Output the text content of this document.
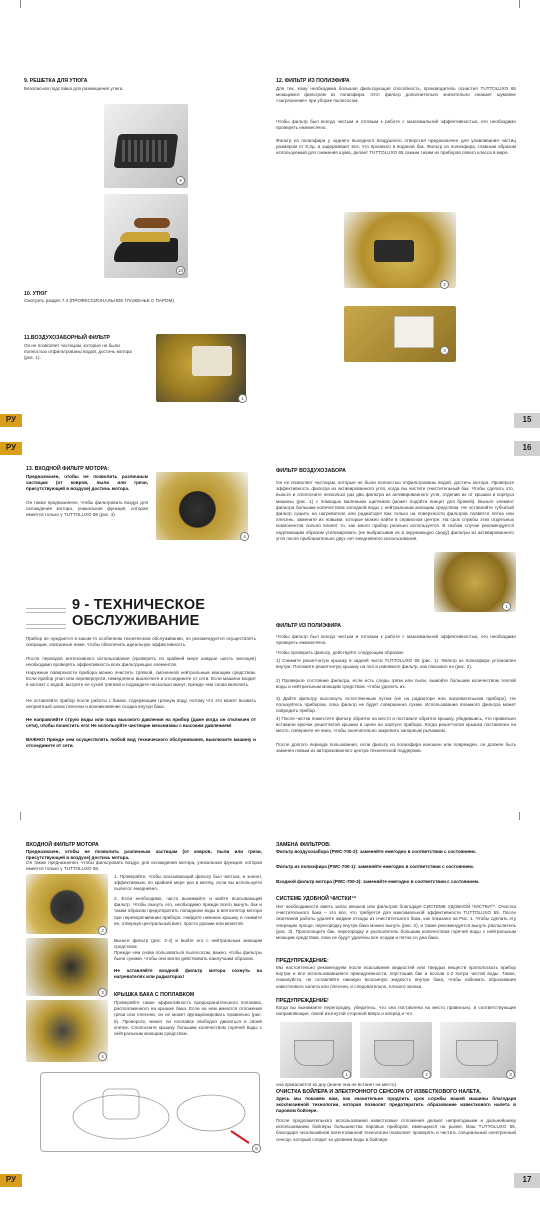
9. РЕШЕТКА ДЛЯ УТЮГА

Безопасная подставка для размещения утюга.

9
10
10. УТЮГ

Смотреть раздел 7.4 (ПРОФЕССИОНАЛЬНОЕ ГЛАЖЕНЬЕ С ПАРОМ)

11.ВОЗДУХОЗАБОРНЫЙ ФИЛЬТР

Он не позволяет частицам, которые не были полностью отфильтрованы водой, достичь мотора (рис. 1).

1
12. ФИЛЬТР ИЗ ПОЛИЭФИРА

Для тех, кому необходима большая фильтрующая способность, производитель оснастил TUTTOLUXO 65 моющимся фильтром из полиэфира. Этот фильтр дополнительно значительно снижает шумовое «загрязнение» при уборке пылесосом.

Чтобы фильтр был всегда чистым и готовым к работе с максимальной эффективностью, его необходимо проверять ежемесячно.

Фильтр из полиэфира у заднего выходного воздушного отверстия предназначен для улавливания частиц размером от 0,3μ, и задерживает все, что проникло в водяной бак. Фильтр из полиэфира, главным образом используемый для снижения шума, делает TUTTOLUXO 65 самым тихим из приборов своего класса в мире.

2
3
РУ	15
РУ	16
13. ВХОДНОЙ ФИЛЬТР МОТОРА:

Предназначен, чтобы не позволить различным частицам (от ковров, пыли или грязи, присутствующей в воздухе) достичь мотора.

Он также предназначен, чтобы фильтровать воздух для охлаждения мотора, уникальная функция, которая имеется только у TUTTOLUXO 65 (рис. 3).

4
9 - ТЕХНИЧЕСКОЕ
ОБСЛУЖИВАНИЕ

Прибор не нуждается в каком-то особенном техническом обслуживании, но рекомендуется осуществлять операции, описанные ниже, чтобы обеспечить идеальную эффективность.

После периодов интенсивного использования (проверять по крайней мере каждые шесть месяцев) необходимо проверять эффективность всех фильтрующих элементов.

Наружные поверхности прибора можно очистить тряпкой, смоченной нейтральным моющим средством. Если прибор упал или перевернулся, немедленно выключите и отсоедините от сети. Если машина входит в контакт с водой, вытрите ее сухой тряпкой и подождите несколько минут, прежде чем снова включить.

Не оставляйте прибор после работы с баком, содержащим грязную воду, потому что это может вызвать неприятный запах плесени и возникновение осадка внутри бака.

Не направляйте струю воды или пара высокого давления на прибор (даже когда он отключен от сети), чтобы почистить его! Не используйте чистящие механизмы с высоким давлением!

ВАЖНО! Прежде чем осуществлять любой вид технического обслуживания, выключите машину и отсоедините от сети.

ФИЛЬТР ВОЗДУХОЗАБОРА

Он не позволяет частицам, которые не были полностью отфильтрованы водой, достичь мотора. Проверьте эффективность фильтра из активированного угля, когда вы чистите очистительный бак. Чтобы сделать это, выньте и сполосните несколько раз два фильтра из активированного угля, отделив их от крышки и корпуса машины (рис. 1) с помощью маленьких щипчиков (может подойти пинцет для бровей). Выньте элемент фильтра большим количеством холодной воды с нейтральным моющим средством. Не оставляйте губчатый фильтр сушить на нагревателе или радиаторе! Как только на поверхности фильтров появятся пятна или плесень, замените их новыми, которые можно найти в сервисном центре. На срок службы этих отдельных компонентов сильно влияет то, как много прибор реально используется. В любом случае рекомендуется надлежащим образом утилизировать (не выбрасывая их в окружающую среду) фильтры из активированного угля после приблизительно двух лет ежедневного использования.

1
ФИЛЬТР ИЗ ПОЛИЭФИРА

Чтобы фильтр был всегда чистым и готовым к работе с максимальной эффективностью, его необходимо проверять ежемесячно.

Чтобы проверить фильтр, действуйте следующим образом:

1) Снимите решетчатую крышку в задней части TUTTOLUXO 65 (рис. 1). Фильтр из полиэфира установлен внутри. Положите решетчатую крышку на пол и извлеките фильтр, как показано на (рис. 2).

2) Проверьте состояние фильтра, если есть следы грязи или пыли, вымойте большим количеством теплой воды и нейтральным моющим средством, чтобы удалить их.

3) Дайте фильтру высохнуть естественным путем (не на радиаторе или нагревательном приборе). Не пользуйтесь прибором, пока фильтр не будет совершенно сухим. Использование влажного фильтра может повредить прибор.

4) После чистки поместите фильтр обратно на место и поставьте обратно крышку, убедившись, что правильно вставили крючки решетчатой крышки в щели на корпусе прибора. Когда решетчатая крышка поставлена на место, поверните ее вниз, чтобы окончательно закрепить запорным рычажком.

После долгого периода пользования, если фильтр из полиэфира изношен или поврежден, он должен быть заменен новым из авторизованного центра технической поддержки.

ВХОДНОЙ ФИЛЬТР МОТОРА

Предназначен, чтобы не позволить различным частицам (от ковров, пыли или грязи, присутствующей в воздухе) достичь мотора.

Он также предназначен, чтобы фильтровать воздух для охлаждения мотора, уникальная функция, которая имеется только у TUTTOLUXO 65.

2
3
4

1. Проверяйте, чтобы всасывающий фильтр был чистым, и значит, эффективным, по крайней мере раз в месяц, если вы используете пылесос ежедневно.

2. Если необходимо, часто вынимайте и мойте всасывающий фильтр. Чтобы вынуть его, необходимо прежде всего вынуть бак и таким образом предотвратить попадание воды в вентилятор мотора при переворачивании прибора. Найдите нижнюю крышку и снимите ее, отвернув центральный винт, просто руками или монетой.

Выньте фильтр (рис. 2-4) и выйте его с нейтральным моющим средством.

Прежде чем снова пользоваться пылесосом, важно, чтобы фильтры были сухими, чтобы они могли действовать наилучшим образом.

Не оставляйте входной фильтр мотора сохнуть на нагревателях или радиаторах!

КРЫШКА БАКА С ПОПЛАВКОМ

Проверяйте также эффективность предохранительного поплавка, расположенного на крышке бака. Если на нем имеются отложения грязи или плесени, он не может функционировать правильно (рис. 5). Проверьте, может ли поплавок свободно двигаться в своей клетке. Сполосните крышку большим количеством горячей воды с нейтральным моющим средством.

5
ЗАМЕНА ФИЛЬТРОВ:

Фильтр воздухозабора (PWC-700-2): заменяйте ежегодно в соответствии с состоянием.

Фильтр из полиэфира (PWC-700-1): заменяйте ежегодно в соответствии с состоянием.

Входной фильтр мотора (PWC-700-3): заменяйте ежегодно в соответствии с состоянием.

СИСТЕМЕ УДОБНОЙ ЧИСТКИ™

Нет необходимости иметь запас мешков или фильтров благодаря СИСТЕМЕ УДОБНОЙ ЧИСТКИ™. Очистка очистительного бака – это все, что требуется для максимальной эффективности TUTTOLUXO 65. После окончания работы удалите жидкие отходы из очистительного бака, как показано на Рис. 1. Чтобы сделать эту операцию проще, перегородку внутри бака можно вынуть (рис. 2), и также рекомендуется вынуть распылитель (рис. 3). Прополощите бак, перегородку и распылитель большим количеством горячей воды с нейтральным моющим средством, пока не будут удалены все осадки и пятна со дна бака.

ПРЕДУПРЕЖДЕНИЕ:

Мы настоятельно рекомендуем после всасывания жидкостей или твердых веществ прополоскать прибор внутри и все использовавшиеся принадлежности, опустошив бак и всосав 1-2 литра чистой воды. Также, пожалуйста, не оставляйте никакую всосанную жидкость внутри бака, чтобы избежать образования известкового налета или плесени, и следовательно, плохого запаха.

ПРЕДУПРЕЖДЕНИЕ!

Когда вы вынимаете перегородку, убедитесь, что она поставлена на место правильно, в соответствующие направляющие, своей изогнутой стороной вверх и вперед и что

1	2	3

она прикасается ко дну (иначе она не встанет на место).

ОЧИСТКА БОЙЛЕРА И ЭЛЕКТРОННОГО СЕНСОРА ОТ ИЗВЕСТКОВОГО НАЛЕТА.

Здесь мы покажем вам, как значительно продлить срок службы вашей машины благодаря эксклюзивной технологии, которая позволит предотвратить образование известкового налета в паровом бойлере.

После продолжительного использования известковые отложения делают непригодными и дальнейшему использованию бойлеры большинства паровых приборов, имеющихся на рынке. Ваш TUTTOLUXO 65, благодаря эксклюзивной патентованной технологии позволяет проверять и чистить специальный электронный сенсор, который следит за уровнем воды в бойлере.

РУ	17
